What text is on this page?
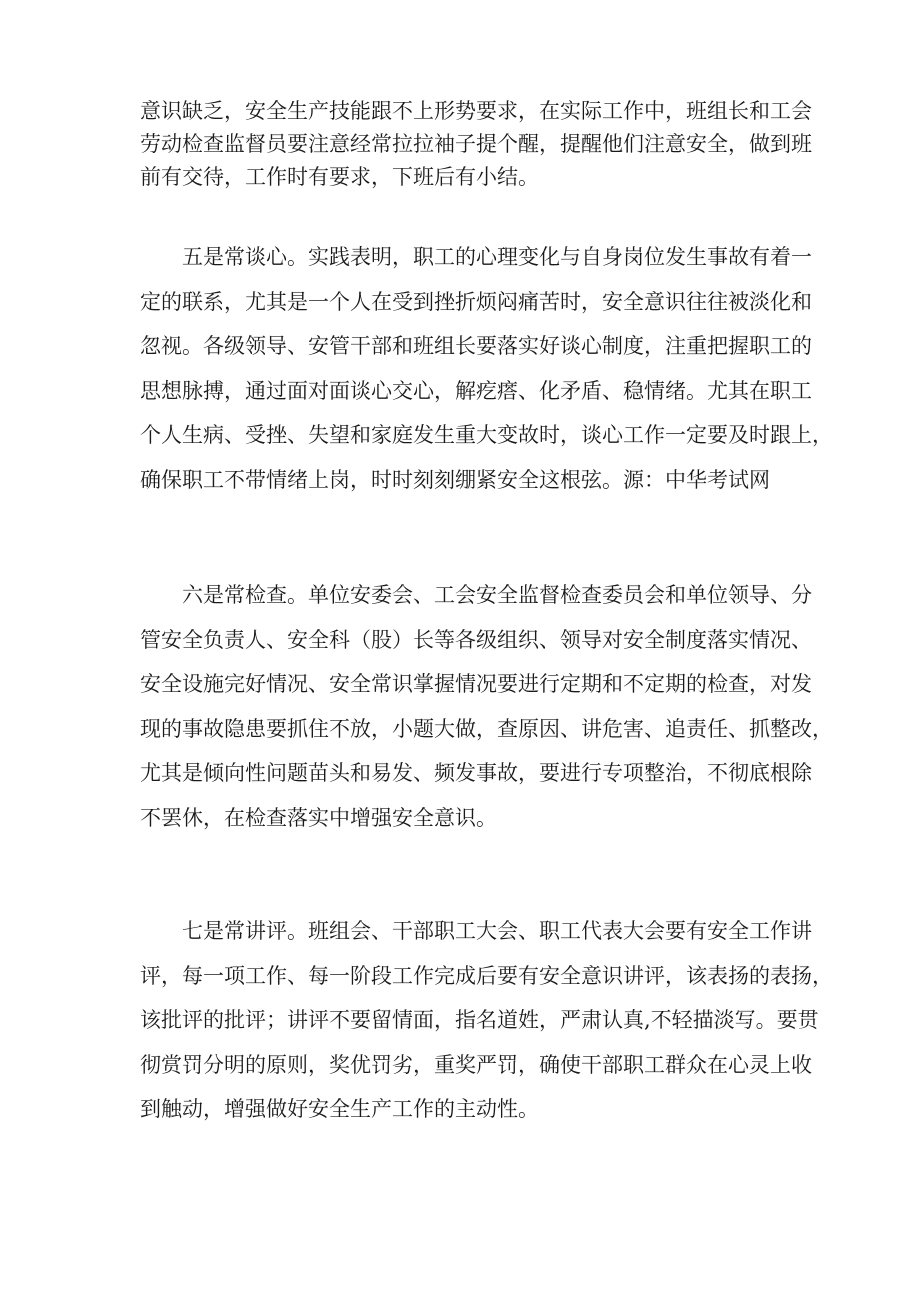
意识缺乏，安全生产技能跟不上形势要求，在实际工作中，班组长和工会
劳动检查监督员要注意经常拉拉袖子提个醒，提醒他们注意安全，做到班
前有交待，工作时有要求，下班后有小结。

　　五是常谈心。实践表明，职工的心理变化与自身岗位发生事故有着一
定的联系，尤其是一个人在受到挫折烦闷痛苦时，安全意识往往被淡化和
忽视。各级领导、安管干部和班组长要落实好谈心制度，注重把握职工的
思想脉搏，通过面对面谈心交心，解疙瘩、化矛盾、稳情绪。尤其在职工
个人生病、受挫、失望和家庭发生重大变故时，谈心工作一定要及时跟上，
确保职工不带情绪上岗，时时刻刻绷紧安全这根弦。源：中华考试网

　　六是常检查。单位安委会、工会安全监督检查委员会和单位领导、分
管安全负责人、安全科（股）长等各级组织、领导对安全制度落实情况、
安全设施完好情况、安全常识掌握情况要进行定期和不定期的检查，对发
现的事故隐患要抓住不放，小题大做，查原因、讲危害、追责任、抓整改，
尤其是倾向性问题苗头和易发、频发事故，要进行专项整治，不彻底根除
不罢休，在检查落实中增强安全意识。

　　七是常讲评。班组会、干部职工大会、职工代表大会要有安全工作讲
评，每一项工作、每一阶段工作完成后要有安全意识讲评，该表扬的表扬，
该批评的批评；讲评不要留情面，指名道姓，严肃认真,不轻描淡写。要贯
彻赏罚分明的原则，奖优罚劣，重奖严罚，确使干部职工群众在心灵上收
到触动，增强做好安全生产工作的主动性。
